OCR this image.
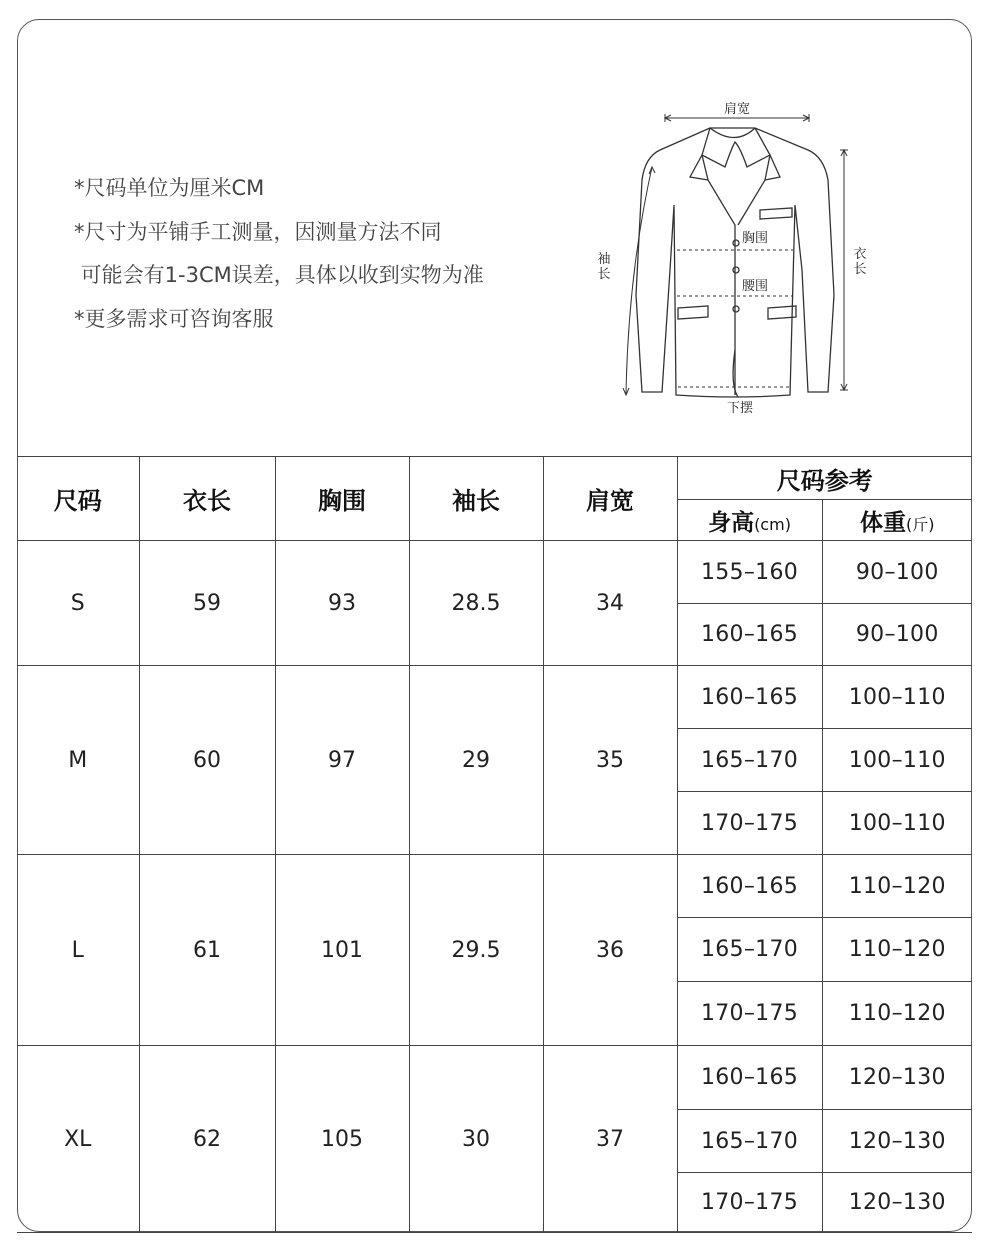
*尺码单位为厘米CM
*尺寸为平铺手工测量，因测量方法不同
可能会有1-3CM误差，具体以收到实物为准
*更多需求可咨询客服
肩宽
袖
长
衣
长
胸围
腰围
下摆
尺码	衣长	胸围	袖长	肩宽	尺码参考	
					身高(cm)	体重(斤)
S	59	93	28.5	34	155–160	90–100
					160–165	90–100
M	60	97	29	35	160–165	100–110
					165–170	100–110
					170–175	100–110
L	61	101	29.5	36	160–165	110–120
					165–170	110–120
					170–175	110–120
XL	62	105	30	37	160–165	120–130
					165–170	120–130
					170–175	120–130
